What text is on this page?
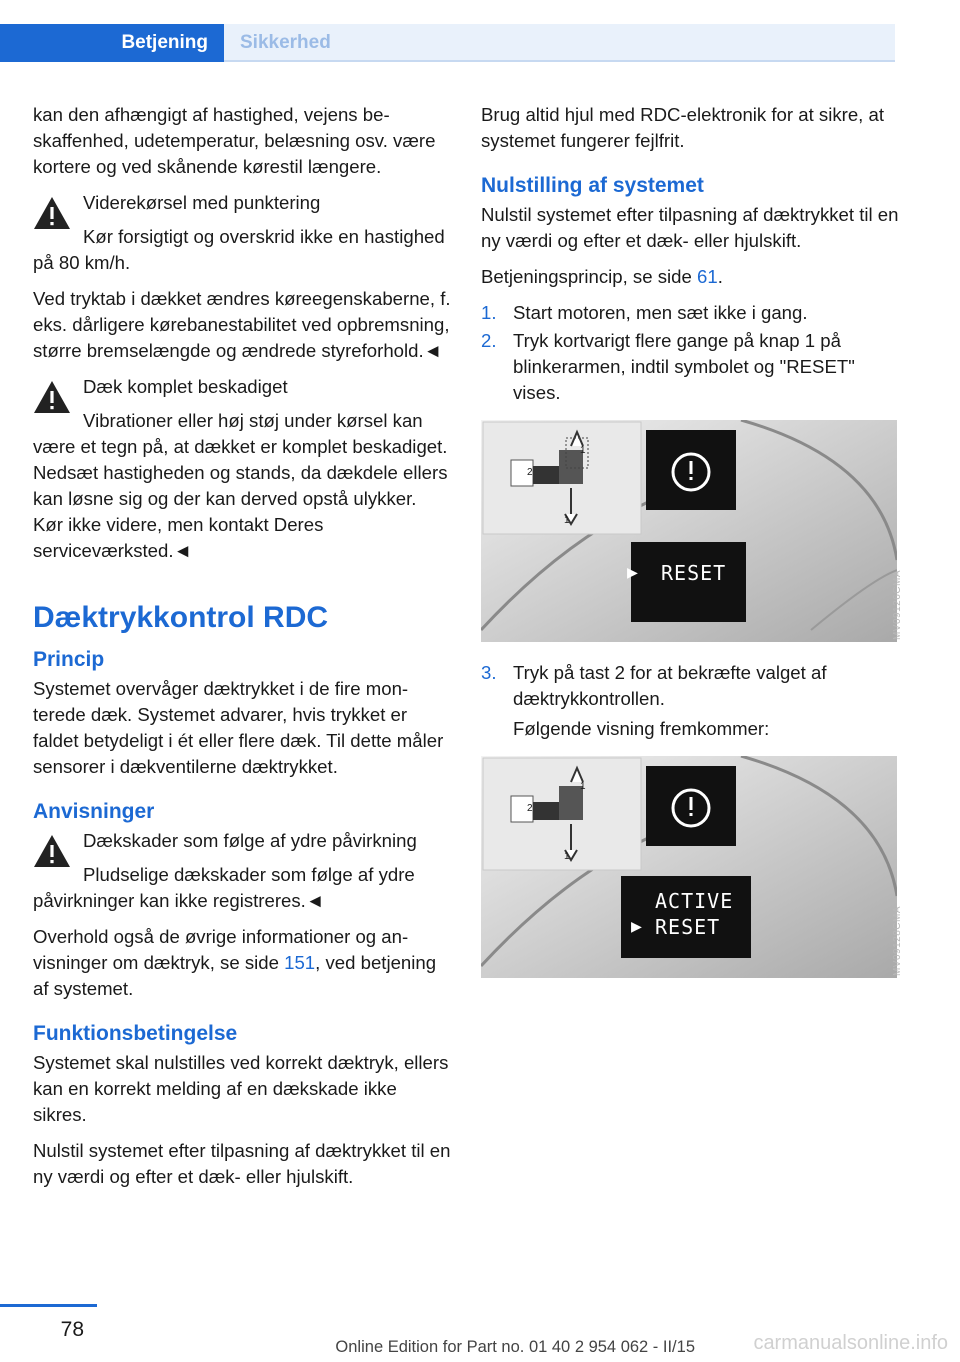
Betjening	Sikkerhed

kan den afhængigt af hastighed, vejens beskaffenhed, udetemperatur, belæsning osv. være kortere og ved skånende kørestil længere.

Viderekørsel med punktering

Kør forsigtigt og overskrid ikke en hastighed på 80 km/h.

Ved tryktab i dækket ændres køreegenskaberne, f. eks. dårligere kørebanestabilitet ved opbremsning, større bremselængde og ændrede styreforhold.◄

Dæk komplet beskadiget

Vibrationer eller høj støj under kørsel kan være et tegn på, at dækket er komplet beskadiget. Nedsæt hastigheden og stands, da dækdele ellers kan løsne sig og der kan derved opstå ulykker. Kør ikke videre, men kontakt Deres serviceværksted.◄

Dæktrykkontrol RDC
Princip

Systemet overvåger dæktrykket i de fire monterede dæk. Systemet advarer, hvis trykket er faldet betydeligt i ét eller flere dæk. Til dette måler sensorer i dækventilerne dæktrykket.

Anvisninger

Dækskader som følge af ydre påvirkning

Pludselige dækskader som følge af ydre påvirkninger kan ikke registreres.◄

Overhold også de øvrige informationer og anvisninger om dæktryk, se side 151, ved betjening af systemet.

Funktionsbetingelse

Systemet skal nulstilles ved korrekt dæktryk, ellers kan en korrekt melding af en dækskade ikke sikres.

Nulstil systemet efter tilpasning af dæktrykket til en ny værdi og efter et dæk- eller hjulskift.

Brug altid hjul med RDC-elektronik for at sikre, at systemet fungerer fejlfrit.

Nulstilling af systemet

Nulstil systemet efter tilpasning af dæktrykket til en ny værdi og efter et dæk- eller hjulskift.

Betjeningsprincip, se side 61.

1. Start motoren, men sæt ikke i gang.
2. Tryk kortvarigt flere gange på knap 1 på blinkerarmen, indtil symbolet og "RESET" vises.
1
2
1
▶ RESET	MV09126CMA
3. Tryk på tast 2 for at bekræfte valget af dæktrykkontrollen.

Følgende visning fremkommer:

1
2
1
ACTIVE
▶ RESET	MV09128CMA
78
Online Edition for Part no. 01 40 2 954 062 - II/15	carmanualsonline.info
